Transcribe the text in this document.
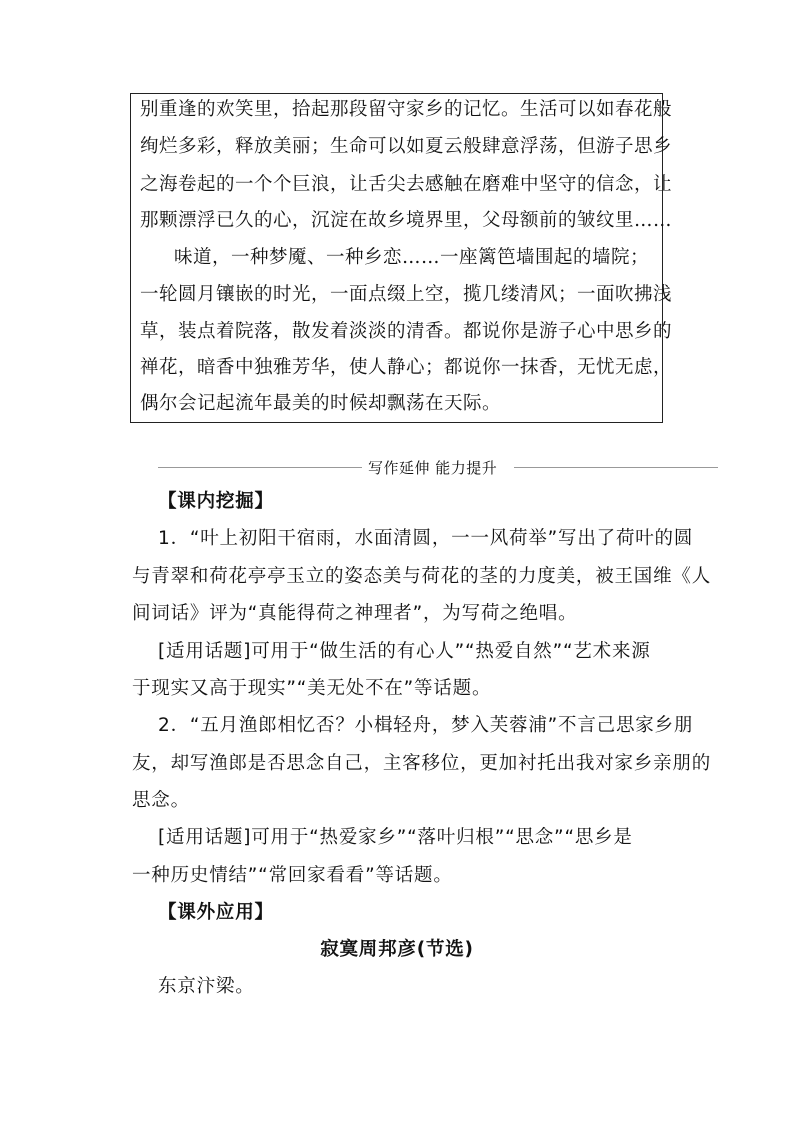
别重逢的欢笑里，拾起那段留守家乡的记忆。生活可以如春花般
绚烂多彩，释放美丽；生命可以如夏云般肆意浮荡，但游子思乡
之海卷起的一个个巨浪，让舌尖去感触在磨难中坚守的信念，让
那颗漂浮已久的心，沉淀在故乡境界里，父母额前的皱纹里……
味道，一种梦魇、一种乡恋……一座篱笆墙围起的墙院；
一轮圆月镶嵌的时光，一面点缀上空，揽几缕清风；一面吹拂浅
草，装点着院落，散发着淡淡的清香。都说你是游子心中思乡的
禅花，暗香中独雅芳华，使人静心；都说你一抹香，无忧无虑，
偶尔会记起流年最美的时候却飘荡在天际。
写作延伸 能力提升
【课内挖掘】
1．“叶上初阳干宿雨，水面清圆，一一风荷举”写出了荷叶的圆
与青翠和荷花亭亭玉立的姿态美与荷花的茎的力度美，被王国维《人
间词话》评为“真能得荷之神理者”，为写荷之绝唱。
[适用话题]可用于“做生活的有心人”“热爱自然”“艺术来源
于现实又高于现实”“美无处不在”等话题。
2．“五月渔郎相忆否？小楫轻舟，梦入芙蓉浦”不言己思家乡朋
友，却写渔郎是否思念自己，主客移位，更加衬托出我对家乡亲朋的
思念。
[适用话题]可用于“热爱家乡”“落叶归根”“思念”“思乡是
一种历史情结”“常回家看看”等话题。
【课外应用】
寂寞周邦彦(节选)
东京汴梁。
